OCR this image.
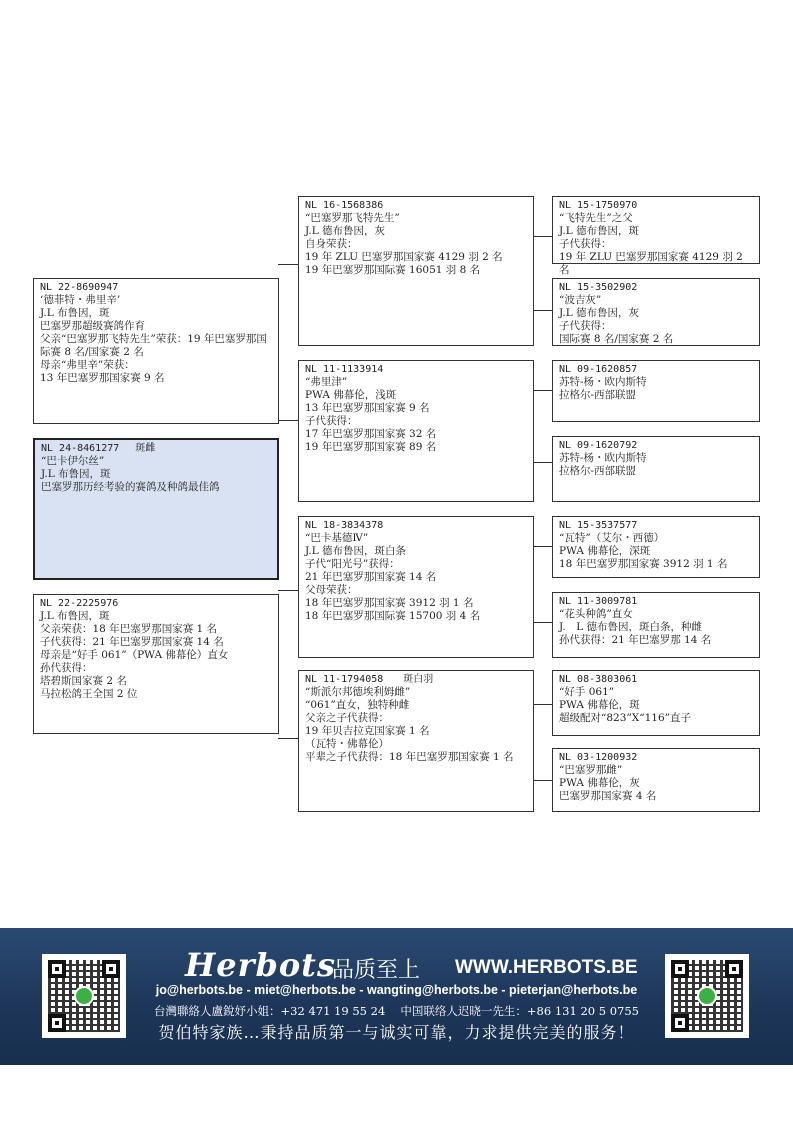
NL 24-8461277　 斑雌
“巴卡伊尔丝”
J.L 布鲁因，斑
巴塞罗那历经考验的赛鸽及种鸽最佳鸽
NL 22-8690947
‘德菲特・弗里辛’
J.L 布鲁因，斑
巴塞罗那超级赛鸽作育
父亲“巴塞罗那飞特先生”荣获：19 年巴塞罗那国际赛 8 名/国家赛 2 名
母亲“弗里辛”荣获：
13 年巴塞罗那国家赛 9 名
NL 22-2225976
J.L 布鲁因，斑
父亲荣获：18 年巴塞罗那国家赛 1 名
子代获得：21 年巴塞罗那国家赛 14 名
母亲是“好手 061”（PWA 佛幕伦）直女
孙代获得：
塔碧斯国家赛 2 名
马拉松鸽王全国 2 位
NL 16-1568386
“巴塞罗那飞特先生”
J.L 德布鲁因，灰
自身荣获：
19 年 ZLU 巴塞罗那国家赛 4129 羽 2 名
19 年巴塞罗那国际赛 16051 羽 8 名
NL 11-1133914
“弗里津”
PWA 佛幕伦，浅斑
13 年巴塞罗那国家赛 9 名
子代获得：
17 年巴塞罗那国家赛 32 名
19 年巴塞罗那国家赛 89 名
NL 18-3834378
“巴卡基德Ⅳ”
J.L 德布鲁因，斑白条
子代“阳光号”获得：
21 年巴塞罗那国家赛 14 名
父母荣获：
18 年巴塞罗那国家赛 3912 羽 1 名
18 年巴塞罗那国际赛 15700 羽 4 名
NL 11-1794058　　斑白羽
“斯派尔邦德埃利姆雌”
“061”直女，独特种雌
父亲之子代获得：
19 年贝吉拉克国家赛 1 名
（瓦特・佛幕伦）
平辈之子代获得：18 年巴塞罗那国家赛 1 名
NL 15-1750970
“飞特先生”之父
J.L 德布鲁因，斑
子代获得：
19 年 ZLU 巴塞罗那国家赛 4129 羽 2 名
NL 15-3502902
“波吉灰”
J.L 德布鲁因，灰
子代获得：
国际赛 8 名/国家赛 2 名
NL 09-1620857
苏特-杨・欧内斯特
拉格尔-西部联盟
NL 09-1620792
苏特-杨・欧内斯特
拉格尔-西部联盟
NL 15-3537577
“瓦特”（艾尔・西德）
PWA 佛幕伦，深斑
18 年巴塞罗那国家赛 3912 羽 1 名
NL 11-3009781
“花头种鸽”直女
J.　L 德布鲁因，斑白条，种雌
孙代获得：21 年巴塞罗那 14 名
NL 08-3803061
“好手 061”
PWA 佛幕伦，斑
超级配对“823”X“116”直子
NL 03-1200932
“巴塞罗那雌”
PWA 佛幕伦，灰
巴塞罗那国家赛 4 名
Herbots
品质至上 WWW.HERBOTS.BE
jo@herbots.be - miet@herbots.be - wangting@herbots.be - pieterjan@herbots.be
台灣聯絡人盧銳妤小姐：+32 471 19 55 24　 中国联络人迟晓一先生：+86 131 20 5 0755
贺伯特家族…秉持品质第一与诚实可靠，力求提供完美的服务！
